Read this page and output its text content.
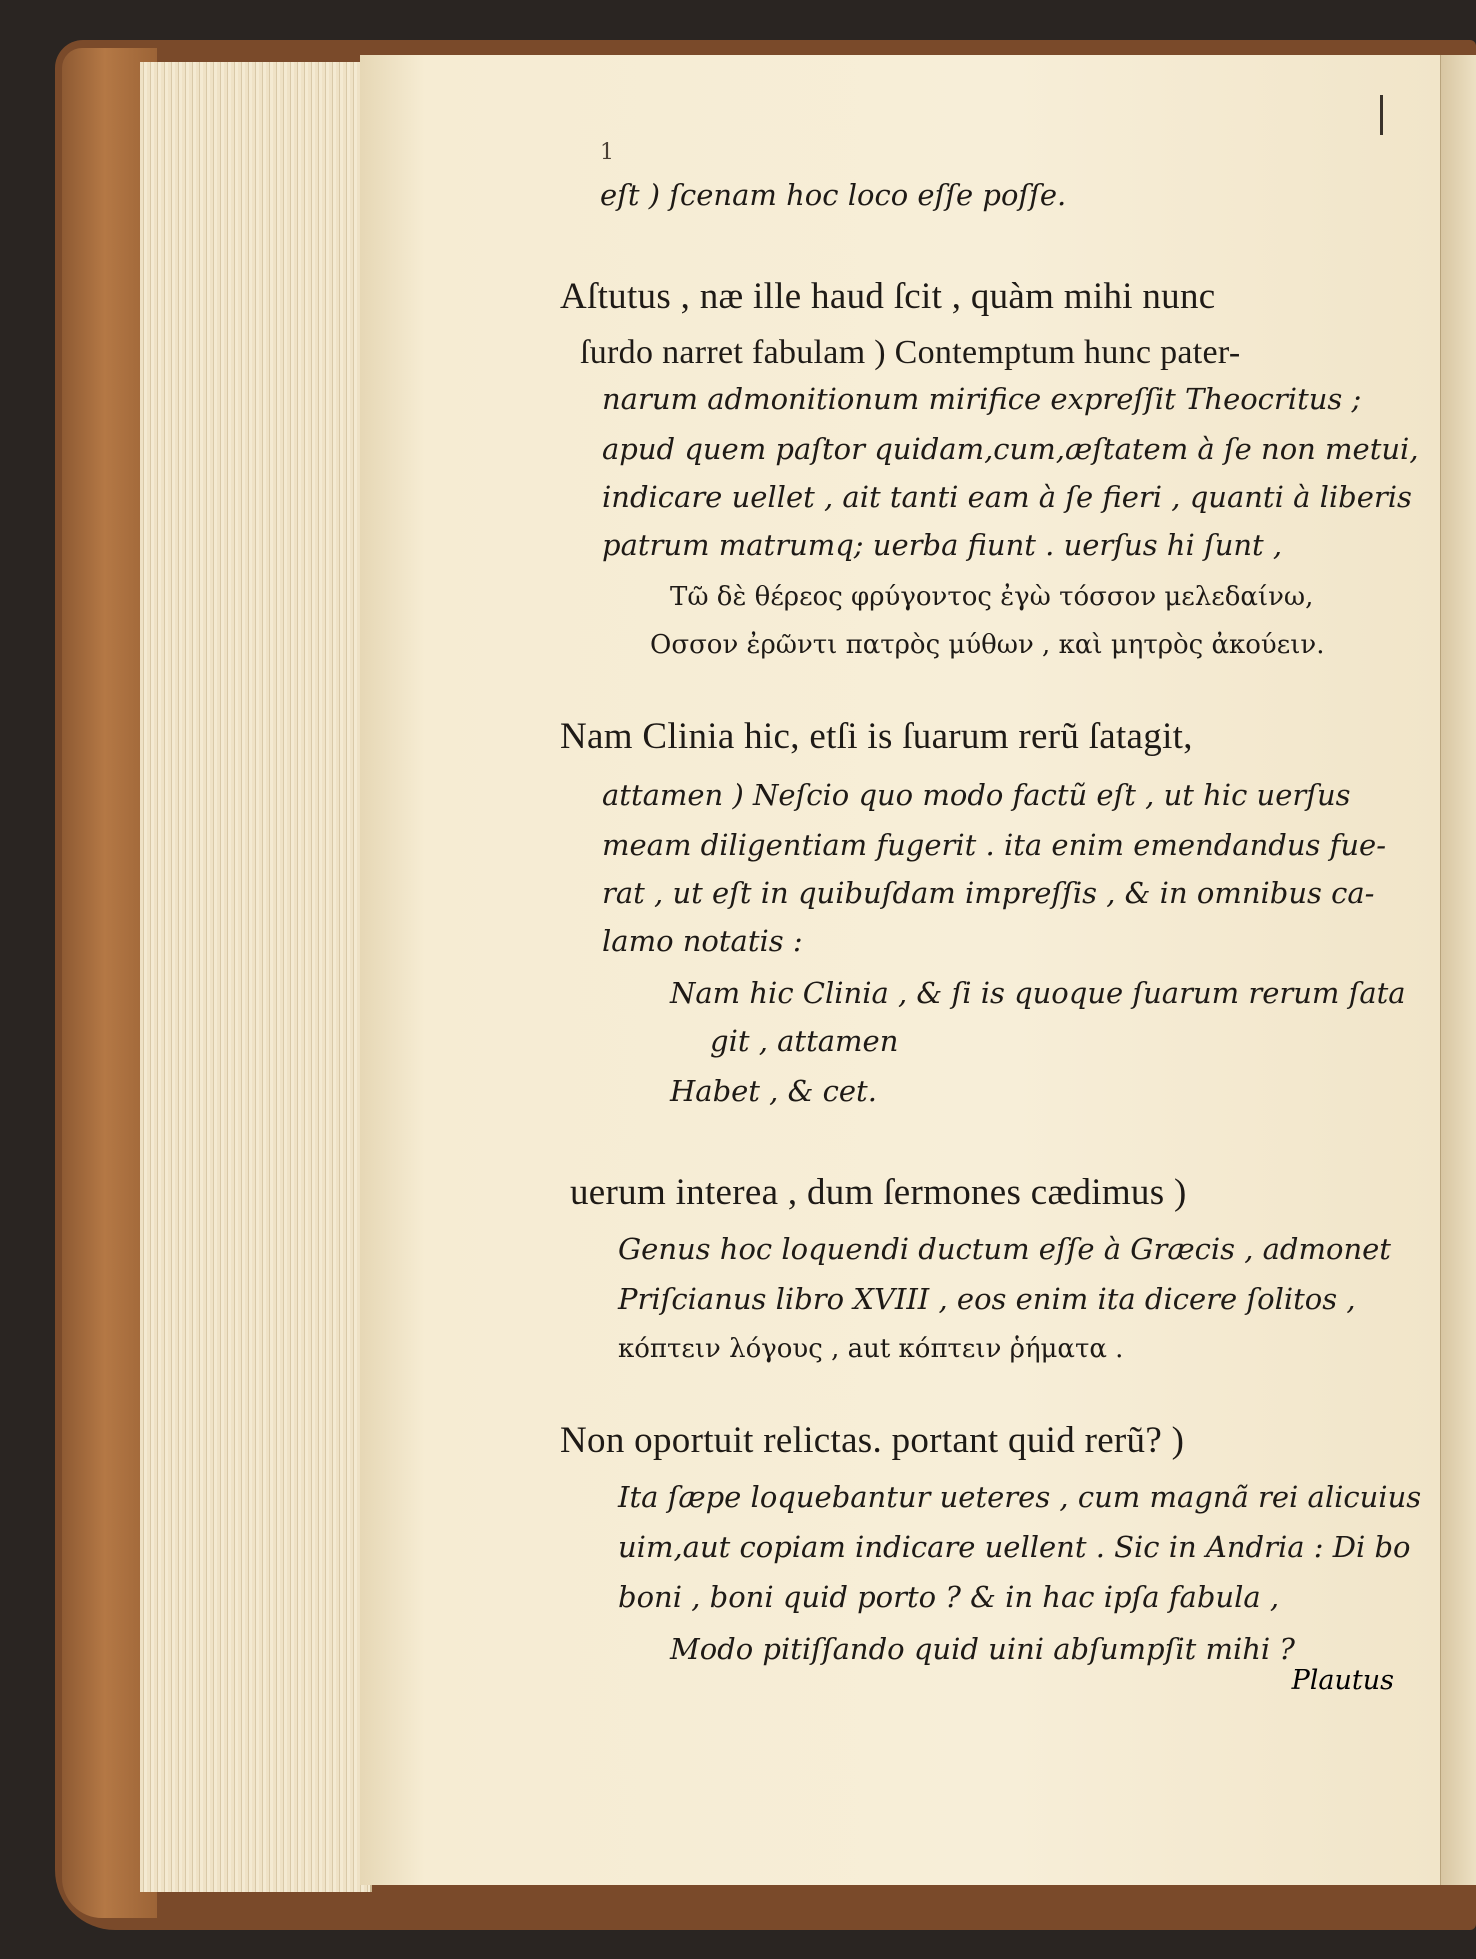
1
eſt ) ſcenam hoc loco eſſe poſſe.
Aſtutus , næ ille haud ſcit , quàm mihi nunc
ſurdo narret fabulam ) Contemptum hunc pater-
narum admonitionum mirifice expreſſit Theocritus ;
apud quem paſtor quidam,cum,æſtatem à ſe non metui,
indicare uellet , ait tanti eam à ſe fieri , quanti à liberis
patrum matrumq; uerba fiunt . uerſus hi ſunt ,
Τῶ δὲ θέρεος φρύγοντος ἐγὼ τόσσον μελεδαίνω,
Οσσον ἐρῶντι πατρὸς μύθων , καὶ μητρὸς ἀκούειν.
Nam Clinia hic, etſi is ſuarum rerũ ſatagit,
attamen ) Neſcio quo modo factũ eſt , ut hic uerſus
meam diligentiam fugerit . ita enim emendandus fue-
rat , ut eſt in quibuſdam impreſſis , & in omnibus ca-
lamo notatis :
Nam hic Clinia , & ſi is quoque ſuarum rerum ſata
git , attamen
Habet , & cet.
uerum interea , dum ſermones cædimus )
Genus hoc loquendi ductum eſſe à Græcis , admonet
Priſcianus libro XVIII , eos enim ita dicere ſolitos ,
κόπτειν λόγους , aut κόπτειν ῥήματα .
Non oportuit relictas. portant quid rerũ? )
Ita ſæpe loquebantur ueteres , cum magnã rei alicuius
uim,aut copiam indicare uellent . Sic in Andria : Di bo
boni , boni quid porto ? & in hac ipſa fabula ,
Modo pitiſſando quid uini abſumpſit mihi ?
Plautus
